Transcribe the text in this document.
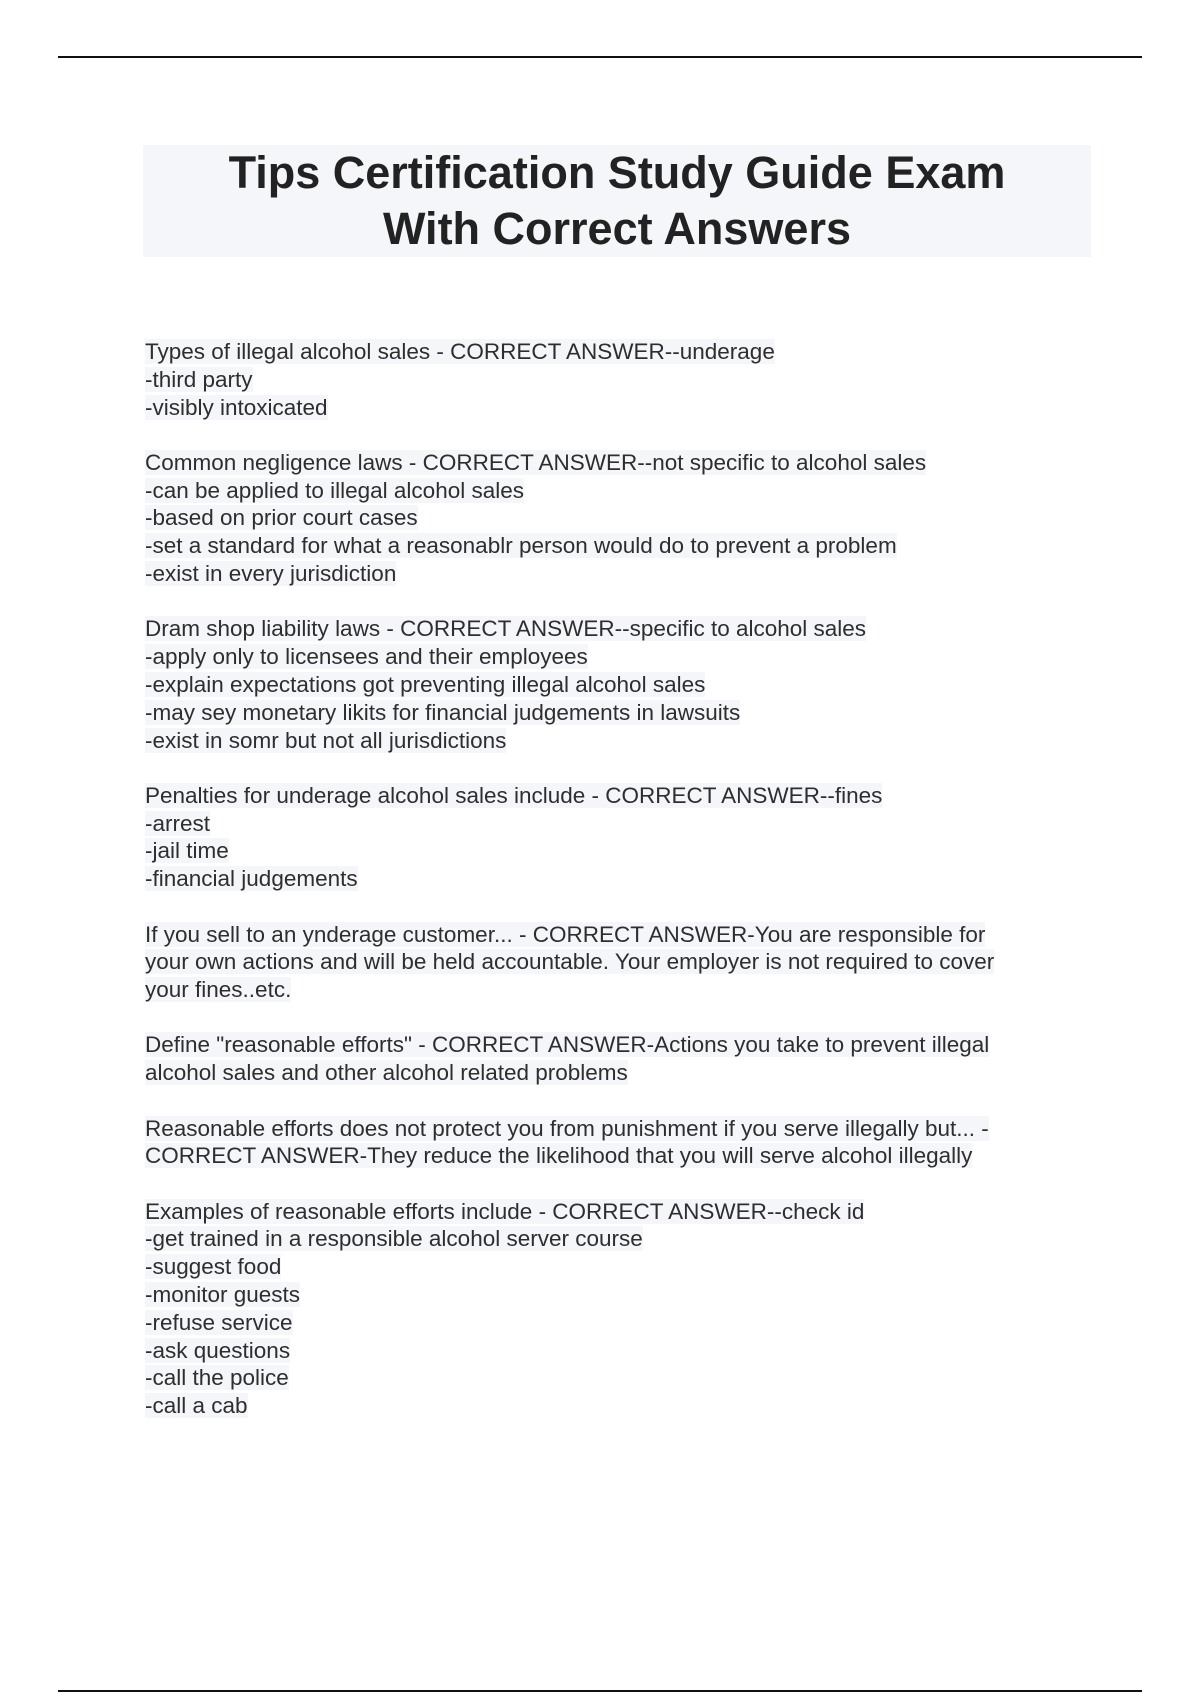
Tips Certification Study Guide Exam
With Correct Answers
Types of illegal alcohol sales - CORRECT ANSWER--underage
-third party
-visibly intoxicated
Common negligence laws - CORRECT ANSWER--not specific to alcohol sales
-can be applied to illegal alcohol sales
-based on prior court cases
-set a standard for what a reasonablr person would do to prevent a problem
-exist in every jurisdiction
Dram shop liability laws - CORRECT ANSWER--specific to alcohol sales
-apply only to licensees and their employees
-explain expectations got preventing illegal alcohol sales
-may sey monetary likits for financial judgements in lawsuits
-exist in somr but not all jurisdictions
Penalties for underage alcohol sales include - CORRECT ANSWER--fines
-arrest
-jail time
-financial judgements
If you sell to an ynderage customer... - CORRECT ANSWER-You are responsible for
your own actions and will be held accountable. Your employer is not required to cover
your fines..etc.
Define "reasonable efforts" - CORRECT ANSWER-Actions you take to prevent illegal
alcohol sales and other alcohol related problems
Reasonable efforts does not protect you from punishment if you serve illegally but... -
CORRECT ANSWER-They reduce the likelihood that you will serve alcohol illegally
Examples of reasonable efforts include - CORRECT ANSWER--check id
-get trained in a responsible alcohol server course
-suggest food
-monitor guests
-refuse service
-ask questions
-call the police
-call a cab
